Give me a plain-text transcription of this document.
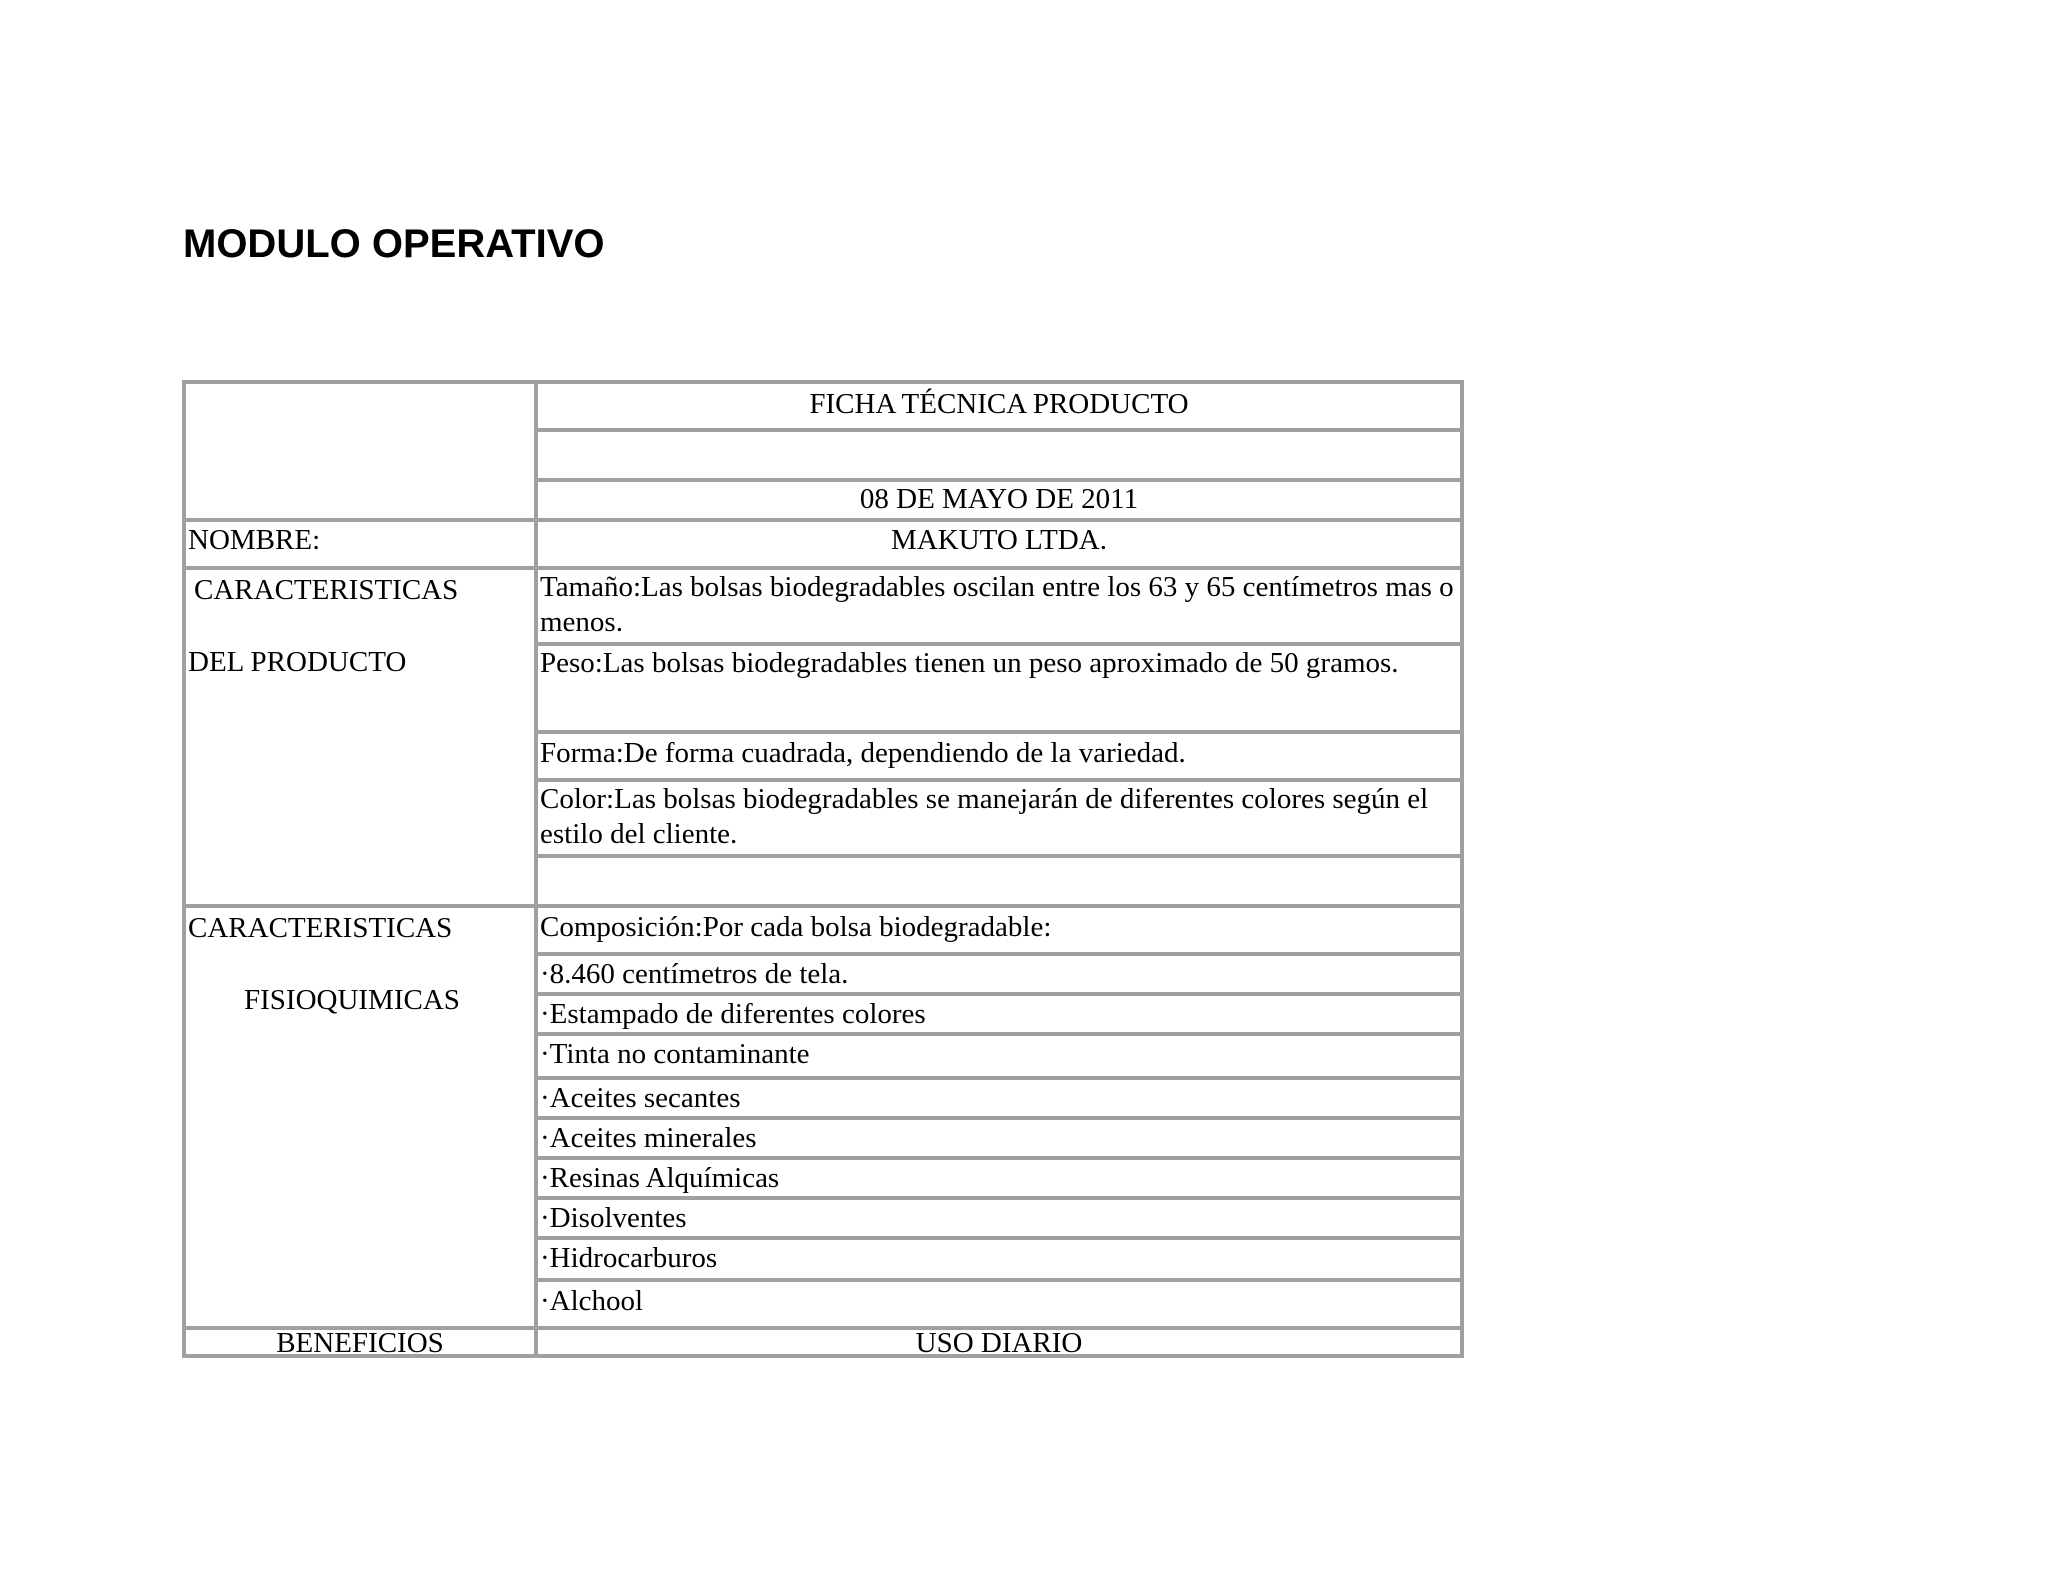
MODULO OPERATIVO
FICHA TÉCNICA PRODUCTO
08 DE MAYO DE 2011
NOMBRE:	MAKUTO LTDA.
CARACTERISTICAS
DEL PRODUCTO
Tamaño:Las bolsas biodegradables oscilan entre los 63 y 65 centímetros mas o menos.
Peso:Las bolsas biodegradables tienen un peso aproximado de 50 gramos.
Forma:De forma cuadrada, dependiendo de la variedad.
Color:Las bolsas biodegradables se manejarán de diferentes colores según el estilo del cliente.
CARACTERISTICAS
FISIOQUIMICAS
Composición:Por cada bolsa biodegradable:
·8.460 centímetros de tela.
·Estampado de diferentes colores
·Tinta no contaminante
·Aceites secantes
·Aceites minerales
·Resinas Alquímicas
·Disolventes
·Hidrocarburos
·Alchool
BENEFICIOS	USO DIARIO
